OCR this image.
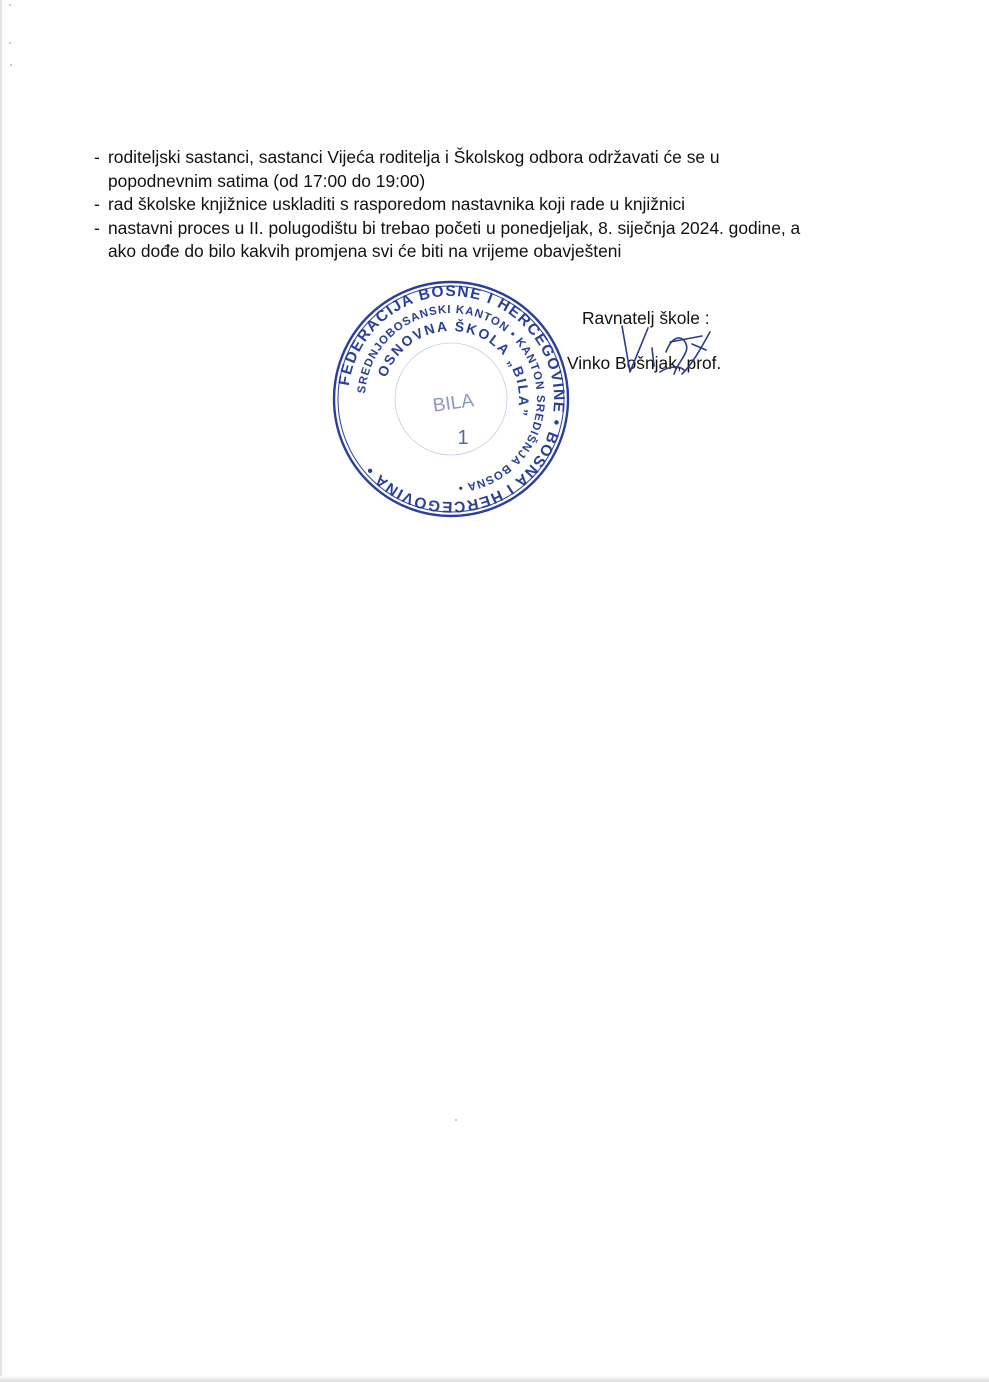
- roditeljski sastanci, sastanci Vijeća roditelja i Školskog odbora održavati će se u popodnevnim satima (od 17:00 do 19:00)
- rad školske knjižnice uskladiti s rasporedom nastavnika koji rade u knjižnici
- nastavni proces u II. polugodištu bi trebao početi u ponedjeljak, 8. siječnja 2024. godine, a ako dođe do bilo kakvih promjena svi će biti na vrijeme obavješteni
FEDERACIJA BOSNE I HERCEGOVINE • BOSNA I HERCEGOVINA •
SREDNJOBOSANSKI KANTON • KANTON SREDIŠNJA BOSNA •
OSNOVNA ŠKOLA „BILA”
BILA
1
Ravnatelj škole :
Vinko Bošnjak, prof.
